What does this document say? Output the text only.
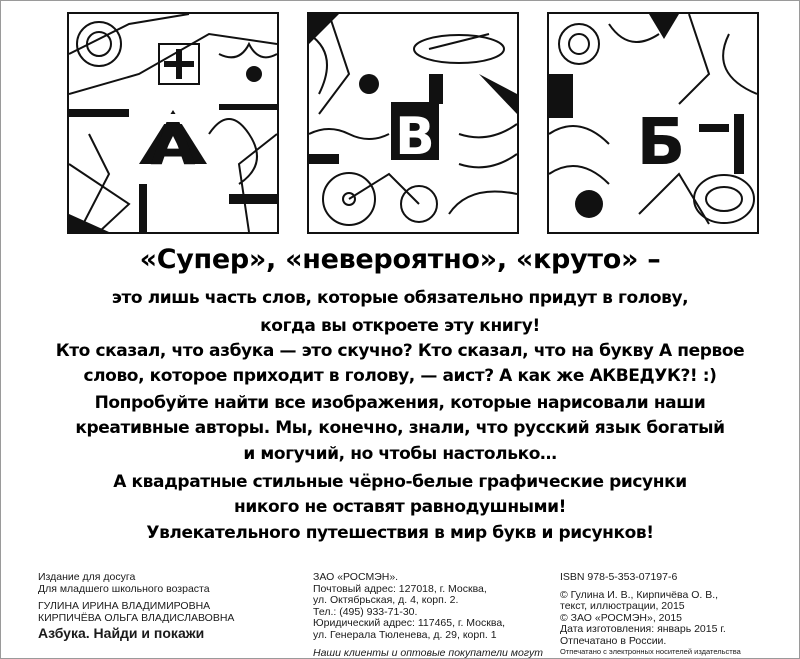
А	В	Б
«Супер», «невероятно», «круто» –
это лишь часть слов, которые обязательно придут в голову,
когда вы откроете эту книгу!
Кто сказал, что азбука — это скучно? Кто сказал, что на букву А первое
слово, которое приходит в голову, — аист? А как же АКВЕДУК?! :)
Попробуйте найти все изображения, которые нарисовали наши
креативные авторы. Мы, конечно, знали, что русский язык богатый
и могучий, но чтобы настолько…
А квадратные стильные чёрно-белые графические рисунки
никого не оставят равнодушными!
Увлекательного путешествия в мир букв и рисунков!
Издание для досуга
Для младшего школьного возраста
ГУЛИНА ИРИНА ВЛАДИМИРОВНА
КИРПИЧЁВА ОЛЬГА ВЛАДИСЛАВОВНА
Азбука. Найди и покажи
ЗАО «РОСМЭН».
Почтовый адрес: 127018, г. Москва,
ул. Октябрьская, д. 4, корп. 2.
Тел.: (495) 933-71-30.
Юридический адрес: 117465, г. Москва,
ул. Генерала Тюленева, д. 29, корп. 1
Наши клиенты и оптовые покупатели могут
ISBN 978-5-353-07197-6
© Гулина И. В., Кирпичёва О. В.,
текст, иллюстрации, 2015
© ЗАО «РОСМЭН», 2015
Дата изготовления: январь 2015 г.
Отпечатано в России.
Отпечатано с электронных носителей издательства
